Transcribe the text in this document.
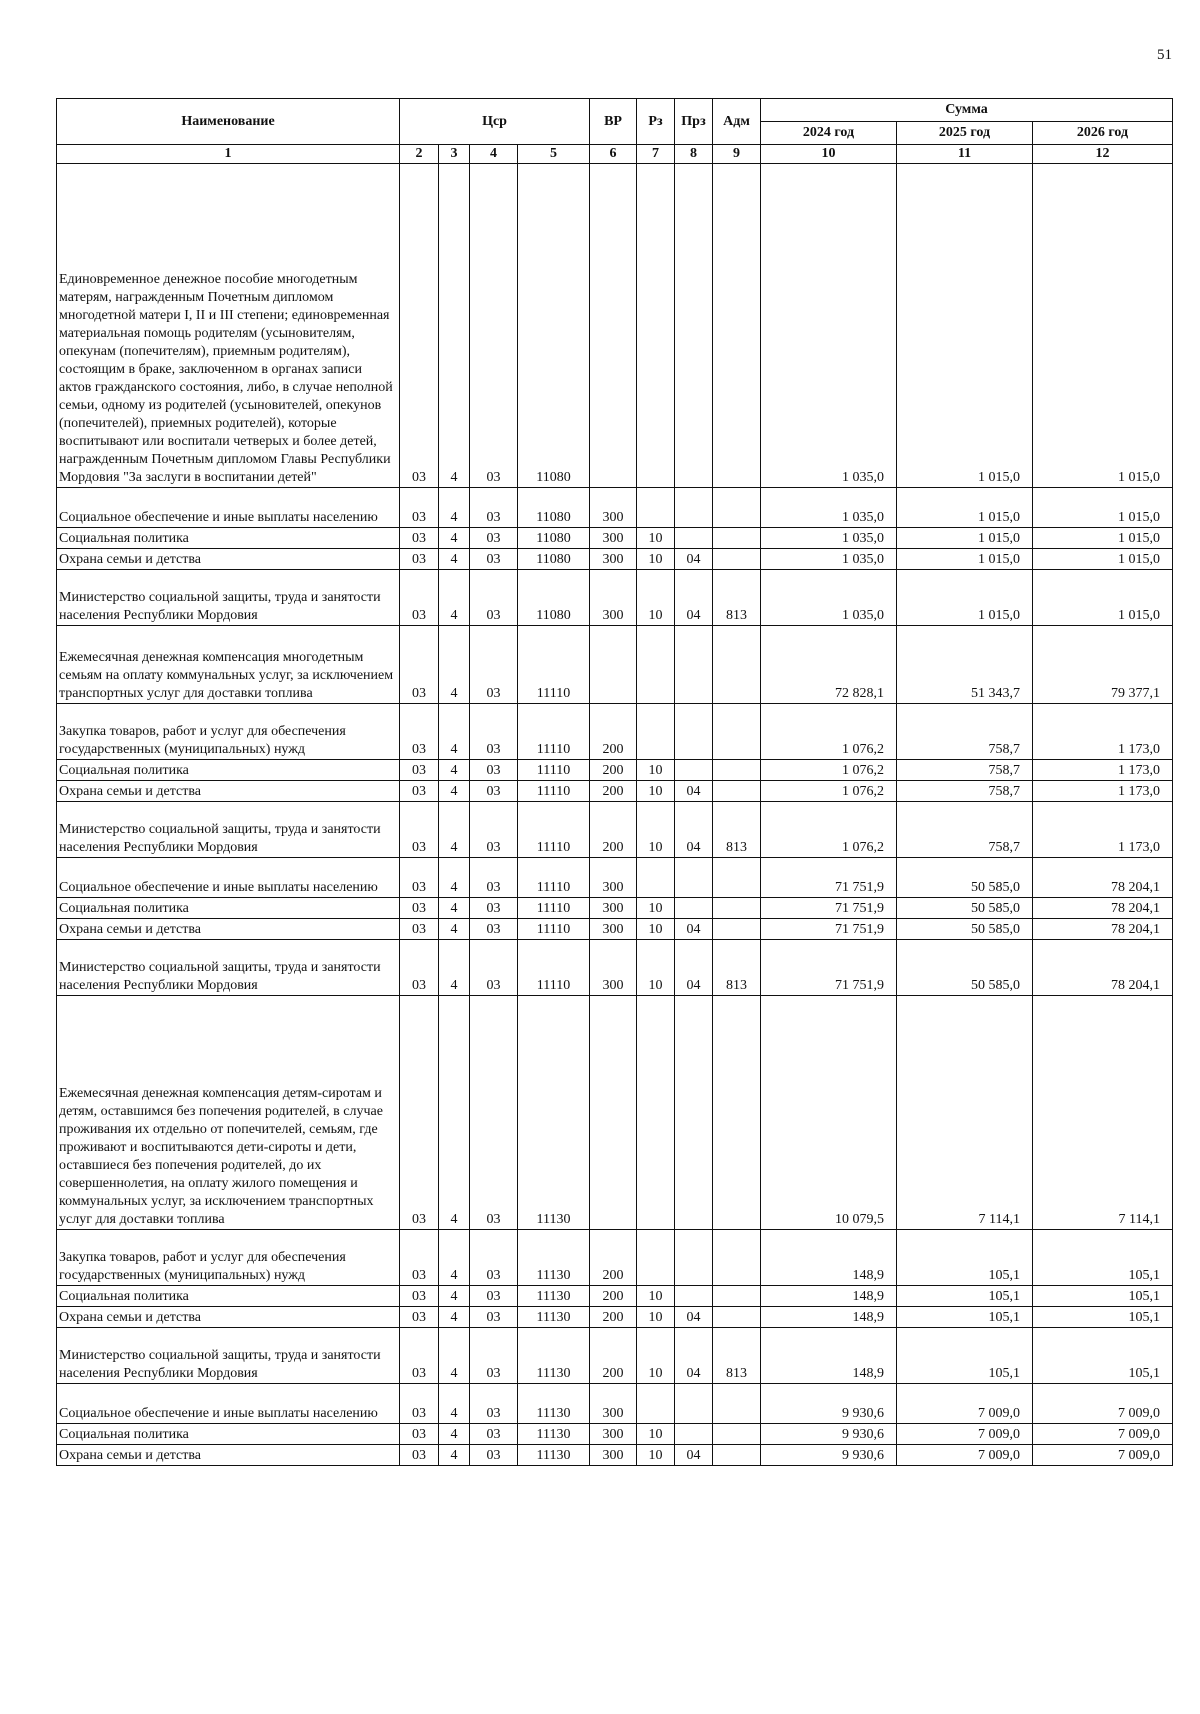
51
Наименование	Цср				ВР	Рз	Прз	Адм	Сумма		
									2024 год	2025 год	2026 год
1	2	3	4	5	6	7	8	9	10	11	12
Единовременное денежное пособие многодетным матерям, награжденным Почетным дипломом многодетной матери I, II и III степени; единовременная материальная помощь родителям (усыновителям, опекунам (попечителям), приемным родителям), состоящим в браке, заключенном в органах записи актов гражданского состояния, либо, в случае неполной семьи, одному из родителей (усыновителей, опекунов (попечителей), приемных родителей), которые воспитывают или воспитали четверых и более детей, награжденным Почетным дипломом Главы Республики Мордовия "За заслуги в воспитании детей"	03	4	03	11080					1 035,0	1 015,0	1 015,0
Социальное обеспечение и иные выплаты населению	03	4	03	11080	300				1 035,0	1 015,0	1 015,0
Социальная политика	03	4	03	11080	300	10			1 035,0	1 015,0	1 015,0
Охрана семьи и детства	03	4	03	11080	300	10	04		1 035,0	1 015,0	1 015,0
Министерство социальной защиты, труда и занятости населения Республики Мордовия	03	4	03	11080	300	10	04	813	1 035,0	1 015,0	1 015,0
Ежемесячная денежная компенсация многодетным семьям на оплату коммунальных услуг, за исключением транспортных услуг для доставки топлива	03	4	03	11110					72 828,1	51 343,7	79 377,1
Закупка товаров, работ и услуг для обеспечения государственных (муниципальных) нужд	03	4	03	11110	200				1 076,2	758,7	1 173,0
Социальная политика	03	4	03	11110	200	10			1 076,2	758,7	1 173,0
Охрана семьи и детства	03	4	03	11110	200	10	04		1 076,2	758,7	1 173,0
Министерство социальной защиты, труда и занятости населения Республики Мордовия	03	4	03	11110	200	10	04	813	1 076,2	758,7	1 173,0
Социальное обеспечение и иные выплаты населению	03	4	03	11110	300				71 751,9	50 585,0	78 204,1
Социальная политика	03	4	03	11110	300	10			71 751,9	50 585,0	78 204,1
Охрана семьи и детства	03	4	03	11110	300	10	04		71 751,9	50 585,0	78 204,1
Министерство социальной защиты, труда и занятости населения Республики Мордовия	03	4	03	11110	300	10	04	813	71 751,9	50 585,0	78 204,1
Ежемесячная денежная компенсация детям-сиротам и детям, оставшимся без попечения родителей, в случае проживания их отдельно от попечителей, семьям, где проживают и воспитываются дети-сироты и дети, оставшиеся без попечения родителей, до их совершеннолетия, на оплату жилого помещения и коммунальных услуг, за исключением транспортных услуг для доставки топлива	03	4	03	11130					10 079,5	7 114,1	7 114,1
Закупка товаров, работ и услуг для обеспечения государственных (муниципальных) нужд	03	4	03	11130	200				148,9	105,1	105,1
Социальная политика	03	4	03	11130	200	10			148,9	105,1	105,1
Охрана семьи и детства	03	4	03	11130	200	10	04		148,9	105,1	105,1
Министерство социальной защиты, труда и занятости населения Республики Мордовия	03	4	03	11130	200	10	04	813	148,9	105,1	105,1
Социальное обеспечение и иные выплаты населению	03	4	03	11130	300				9 930,6	7 009,0	7 009,0
Социальная политика	03	4	03	11130	300	10			9 930,6	7 009,0	7 009,0
Охрана семьи и детства	03	4	03	11130	300	10	04		9 930,6	7 009,0	7 009,0
